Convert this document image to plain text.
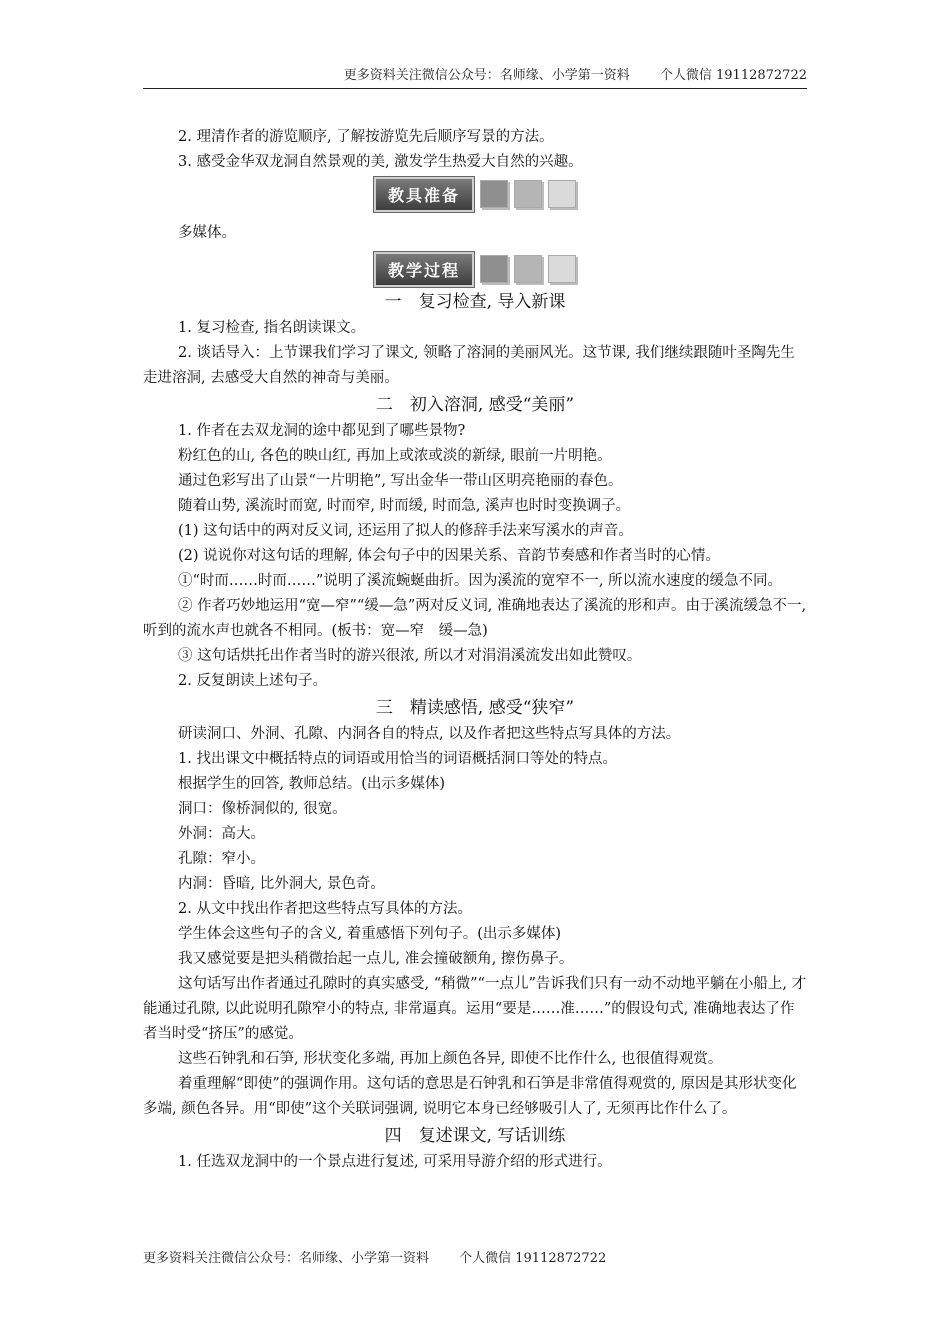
更多资料关注微信公众号：名师缘、小学第一资料　　 个人微信 19112872722

2. 理清作者的游览顺序, 了解按游览先后顺序写景的方法。

3. 感受金华双龙洞自然景观的美, 激发学生热爱大自然的兴趣。

教具准备

多媒体。

教学过程

一　复习检查, 导入新课

1. 复习检查, 指名朗读课文。

2. 谈话导入：上节课我们学习了课文, 领略了溶洞的美丽风光。这节课, 我们继续跟随叶圣陶先生走进溶洞, 去感受大自然的神奇与美丽。

二　初入溶洞, 感受“美丽”

1. 作者在去双龙洞的途中都见到了哪些景物?

粉红色的山, 各色的映山红, 再加上或浓或淡的新绿, 眼前一片明艳。

通过色彩写出了山景“一片明艳”, 写出金华一带山区明亮艳丽的春色。

随着山势, 溪流时而宽, 时而窄, 时而缓, 时而急, 溪声也时时变换调子。

(1) 这句话中的两对反义词, 还运用了拟人的修辞手法来写溪水的声音。

(2) 说说你对这句话的理解, 体会句子中的因果关系、音韵节奏感和作者当时的心情。

①“时而……时而……”说明了溪流蜿蜒曲折。因为溪流的宽窄不一, 所以流水速度的缓急不同。

② 作者巧妙地运用“宽—窄”“缓—急”两对反义词, 准确地表达了溪流的形和声。由于溪流缓急不一, 听到的流水声也就各不相同。(板书：宽—窄　缓—急)

③ 这句话烘托出作者当时的游兴很浓, 所以才对涓涓溪流发出如此赞叹。

2. 反复朗读上述句子。

三　精读感悟, 感受“狭窄”

研读洞口、外洞、孔隙、内洞各自的特点, 以及作者把这些特点写具体的方法。

1. 找出课文中概括特点的词语或用恰当的词语概括洞口等处的特点。

根据学生的回答, 教师总结。(出示多媒体)

洞口：像桥洞似的, 很宽。

外洞：高大。

孔隙：窄小。

内洞：昏暗, 比外洞大, 景色奇。

2. 从文中找出作者把这些特点写具体的方法。

学生体会这些句子的含义, 着重感悟下列句子。(出示多媒体)

我又感觉要是把头稍微抬起一点儿, 准会撞破额角, 擦伤鼻子。

这句话写出作者通过孔隙时的真实感受, “稍微”“一点儿”告诉我们只有一动不动地平躺在小船上, 才能通过孔隙, 以此说明孔隙窄小的特点, 非常逼真。运用“要是……准……”的假设句式, 准确地表达了作者当时受“挤压”的感觉。

这些石钟乳和石笋, 形状变化多端, 再加上颜色各异, 即使不比作什么, 也很值得观赏。

着重理解“即使”的强调作用。这句话的意思是石钟乳和石笋是非常值得观赏的, 原因是其形状变化多端, 颜色各异。用“即使”这个关联词强调, 说明它本身已经够吸引人了, 无须再比作什么了。

四　复述课文, 写话训练

1. 任选双龙洞中的一个景点进行复述, 可采用导游介绍的形式进行。

更多资料关注微信公众号：名师缘、小学第一资料　　 个人微信 19112872722
